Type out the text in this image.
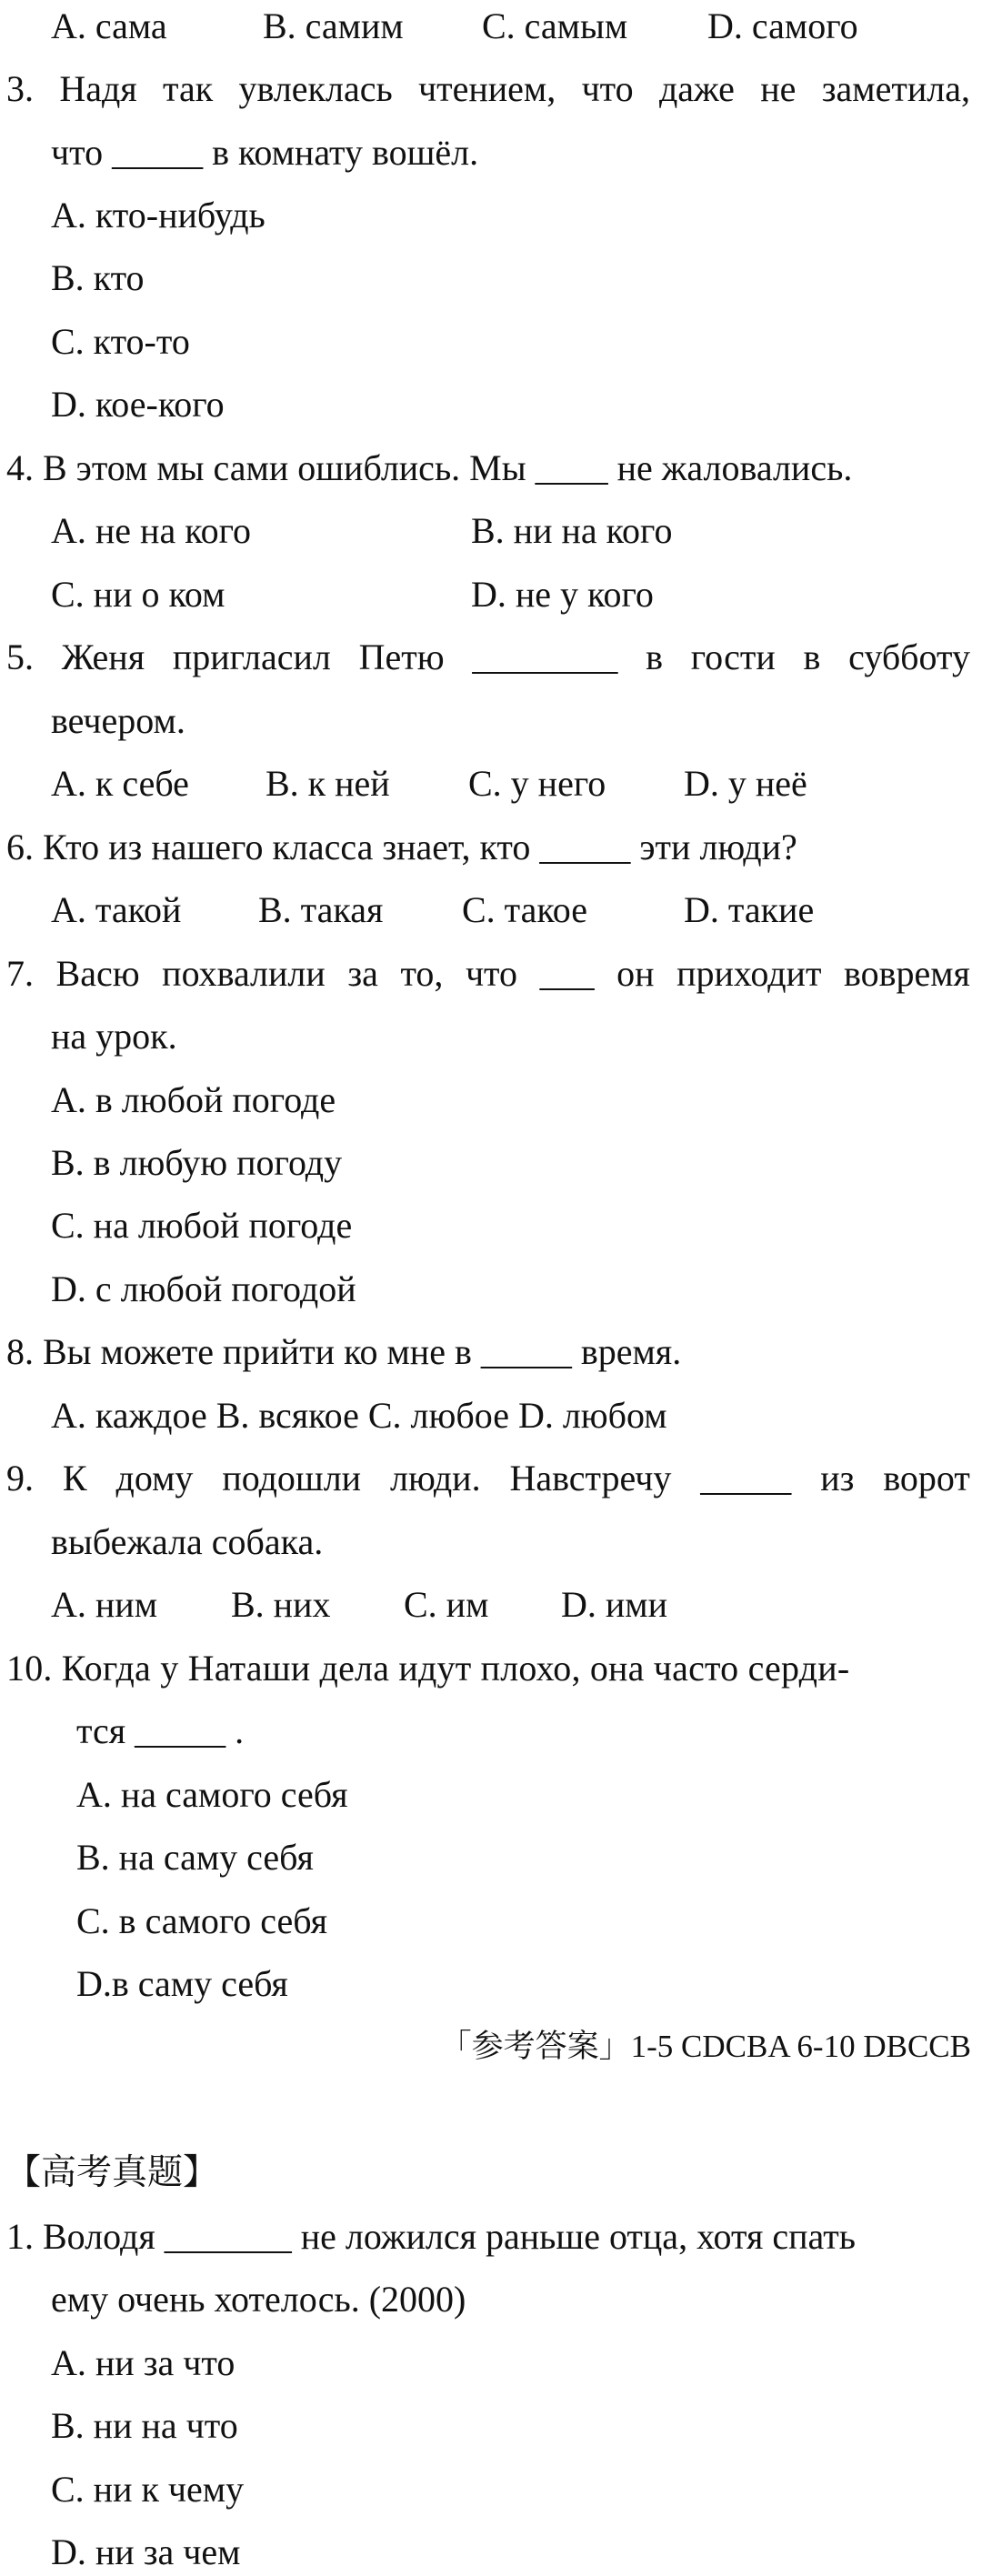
A. сама	B. самим C. самым D. самого
3. Надя так увлеклась чтением, что даже не заметила,
что _____ в комнату вошёл.
A. кто-нибудь
B. кто
C. кто-то
D. кое-кого
4. В этом мы сами ошиблись. Мы ____ не жаловались.
A. не на кого	B. ни на кого
C. ни о ком	D. не у кого
5. Женя пригласил Петю ________ в гости в субботу
вечером.
A. к себе B. к ней C. у него D. у неё
6. Кто из нашего класса знает, кто _____ эти люди?
A. такой B. такая C. такое	D. такие
7. Васю похвалили за то, что ___ он приходит вовремя
на урок.
A. в любой погоде
B. в любую погоду
C. на любой погоде
D. с любой погодой
8. Вы можете прийти ко мне в _____ время.
A. каждое B. всякое C. любое D. любом
9. К дому подошли люди. Навстречу _____ из ворот
выбежала собака.
A. ним B. них C. им D. ими
10. Когда у Наташи дела идут плохо, она часто серди-
тся _____ .
A. на самого себя
B. на саму себя
C. в самого себя
D.в саму себя
「参考答案」1-5 CDCBA 6-10 DBCCB
【高考真题】
1. Володя _______ не ложился раньше отца, хотя спать
ему очень хотелось. (2000)
A. ни за что
B. ни на что
C. ни к чему
D. ни за чем
